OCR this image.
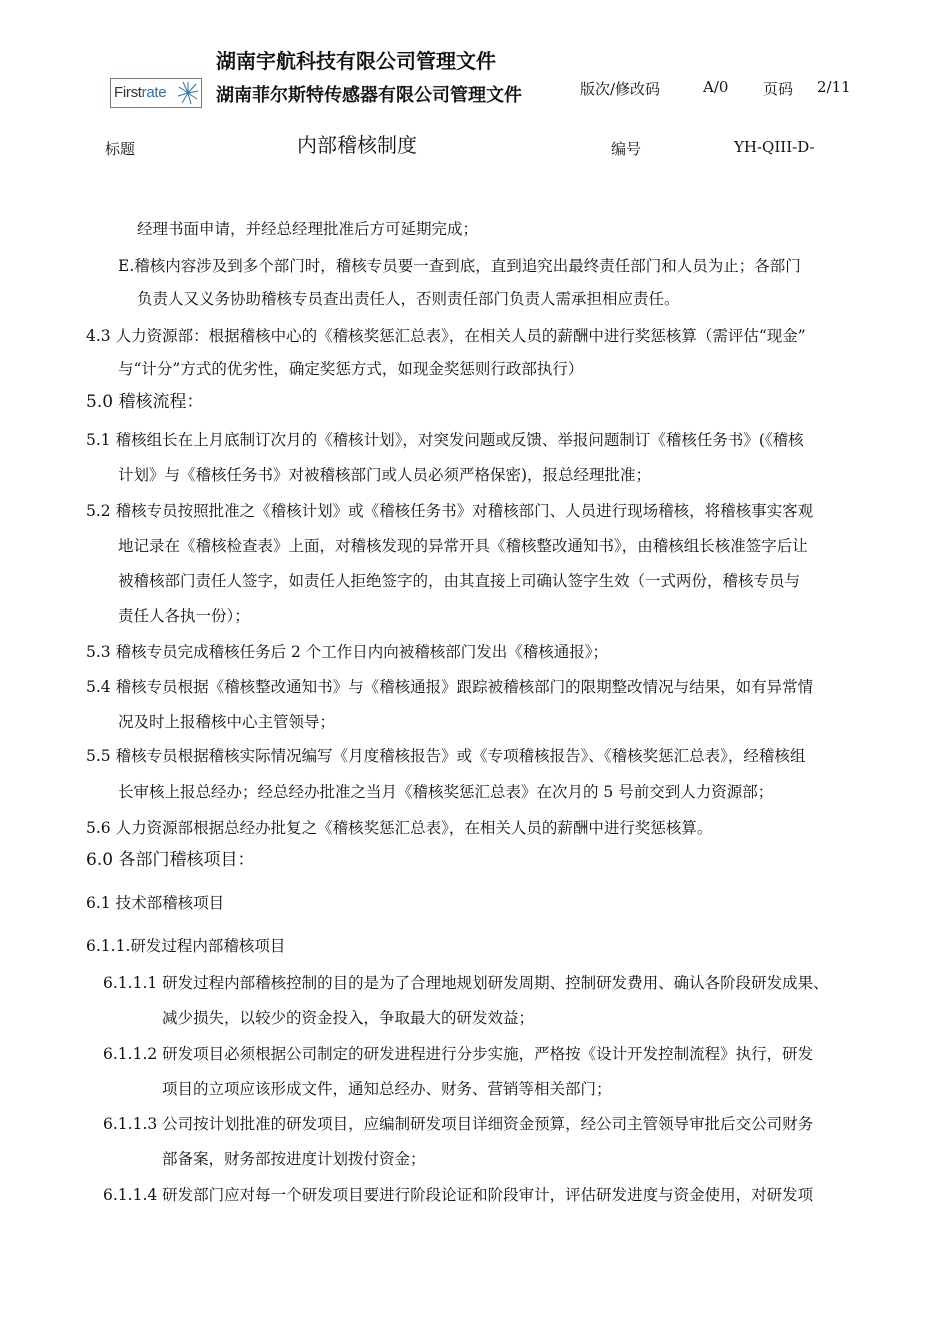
湖南宇航科技有限公司管理文件
Firstrate	湖南菲尔斯特传感器有限公司管理文件	版次/修改码	A/0 页码 2/11
标题	内部稽核制度	编号	YH-QIII-D-
经理书面申请，并经总经理批准后方可延期完成；
E.稽核内容涉及到多个部门时，稽核专员要一查到底，直到追究出最终责任部门和人员为止；各部门
负责人又义务协助稽核专员查出责任人，否则责任部门负责人需承担相应责任。
4.3 人力资源部：根据稽核中心的《稽核奖惩汇总表》，在相关人员的薪酬中进行奖惩核算（需评估“现金”
与“计分”方式的优劣性，确定奖惩方式，如现金奖惩则行政部执行）
5.0 稽核流程：
5.1 稽核组长在上月底制订次月的《稽核计划》，对突发问题或反馈、举报问题制订《稽核任务书》(《稽核
计划》与《稽核任务书》对被稽核部门或人员必须严格保密)，报总经理批准；
5.2 稽核专员按照批准之《稽核计划》或《稽核任务书》对稽核部门、人员进行现场稽核，将稽核事实客观
地记录在《稽核检查表》上面，对稽核发现的异常开具《稽核整改通知书》，由稽核组长核准签字后让
被稽核部门责任人签字，如责任人拒绝签字的，由其直接上司确认签字生效（一式两份，稽核专员与
责任人各执一份）；
5.3 稽核专员完成稽核任务后 2 个工作日内向被稽核部门发出《稽核通报》；
5.4 稽核专员根据《稽核整改通知书》与《稽核通报》跟踪被稽核部门的限期整改情况与结果，如有异常情
况及时上报稽核中心主管领导；
5.5 稽核专员根据稽核实际情况编写《月度稽核报告》或《专项稽核报告》、《稽核奖惩汇总表》，经稽核组
长审核上报总经办；经总经办批准之当月《稽核奖惩汇总表》在次月的 5 号前交到人力资源部；
5.6 人力资源部根据总经办批复之《稽核奖惩汇总表》，在相关人员的薪酬中进行奖惩核算。
6.0 各部门稽核项目：
6.1 技术部稽核项目
6.1.1.研发过程内部稽核项目
6.1.1.1 研发过程内部稽核控制的目的是为了合理地规划研发周期、控制研发费用、确认各阶段研发成果、
减少损失，以较少的资金投入，争取最大的研发效益；
6.1.1.2 研发项目必须根据公司制定的研发进程进行分步实施，严格按《设计开发控制流程》执行，研发
项目的立项应该形成文件，通知总经办、财务、营销等相关部门；
6.1.1.3 公司按计划批准的研发项目，应编制研发项目详细资金预算，经公司主管领导审批后交公司财务
部备案，财务部按进度计划拨付资金；
6.1.1.4 研发部门应对每一个研发项目要进行阶段论证和阶段审计，评估研发进度与资金使用，对研发项
